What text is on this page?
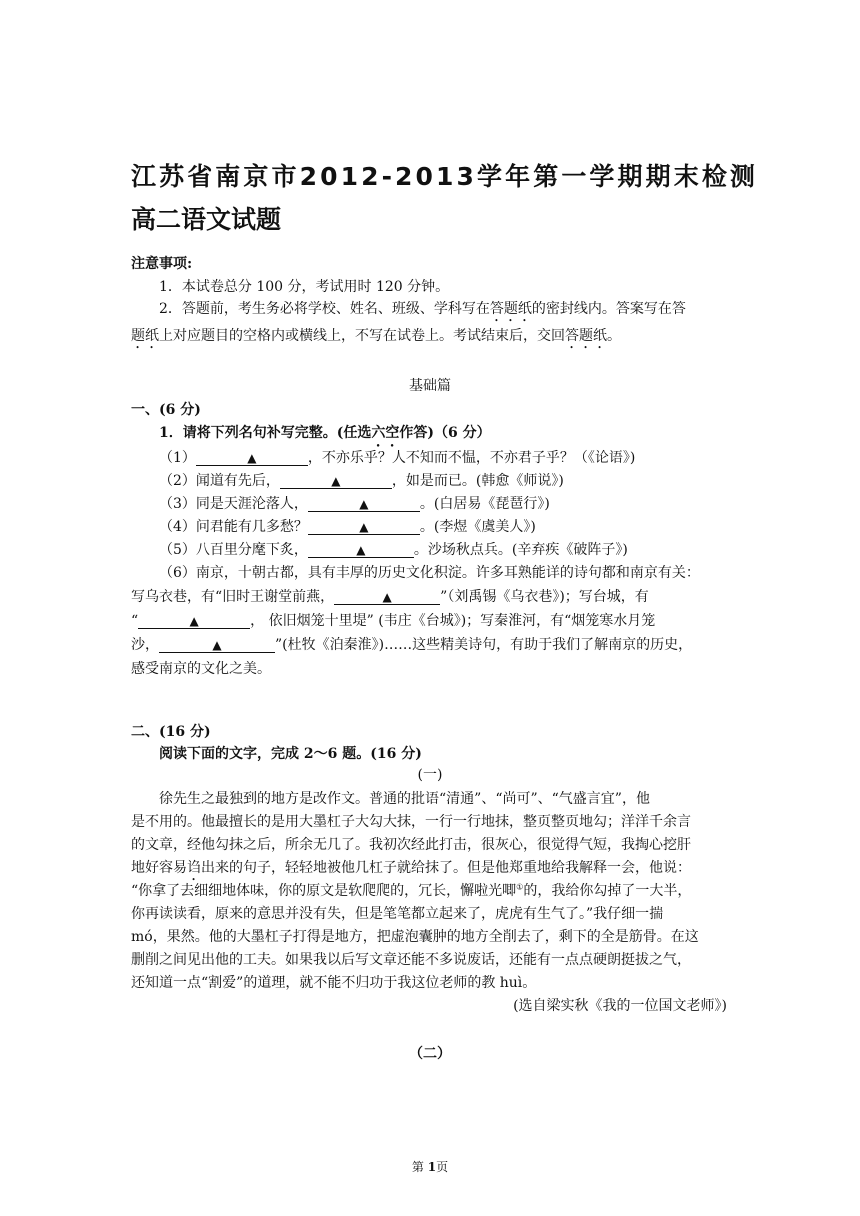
江苏省南京市2012-2013学年第一学期期末检测
高二语文试题
注意事项:
1．本试卷总分 100 分，考试用时 120 分钟。
2．答题前，考生务必将学校、姓名、班级、学科写在答题纸的密封线内。答案写在答
题纸上对应题目的空格内或横线上，不写在试卷上。考试结束后，交回答题纸。
基础篇
一、(6 分)
1．请将下列名句补写完整。(任选六空作答)（6 分）
（1）	▲	，不亦乐乎？人不知而不愠，不亦君子乎？（《论语》)
（2）闻道有先后，	▲	，如是而已。(韩愈《师说》)
（3）同是天涯沦落人，	▲	。(白居易《琵琶行》)
（4）问君能有几多愁？	▲	。(李煜《虞美人》)
（5）八百里分麾下炙，	▲	。沙场秋点兵。(辛弃疾《破阵子》)
（6）南京，十朝古都，具有丰厚的历史文化积淀。许多耳熟能详的诗句都和南京有关：
写乌衣巷，有“旧时王谢堂前燕，	▲	”（刘禹锡《乌衣巷》)；写台城，有
“	▲	， 依旧烟笼十里堤” (韦庄《台城》)；写秦淮河，有“烟笼寒水月笼
沙，	▲	”(杜牧《泊秦淮》)……这些精美诗句，有助于我们了解南京的历史，
感受南京的文化之美。
二、(16 分)
阅读下面的文字，完成 2～6 题。(16 分)
(一)
徐先生之最独到的地方是改作文。普通的批语“清通”、“尚可”、“气盛言宜”，他
是不用的。他最擅长的是用大墨杠子大勾大抹，一行一行地抹，整页整页地勾；洋洋千余言
的文章，经他勾抹之后，所余无几了。我初次经此打击，很灰心，很觉得气短，我掏心挖肝
地好容易诌出来的句子，轻轻地被他几杠子就给抹了。但是他郑重地给我解释一会，他说：
“你拿了去细细地体味，你的原文是软爬爬的，冗长，懈啦光唧①的，我给你勾掉了一大半，
你再读读看，原来的意思并没有失，但是笔笔都立起来了，虎虎有生气了。”我仔细一揣
mó，果然。他的大墨杠子打得是地方，把虚泡囊肿的地方全削去了，剩下的全是筋骨。在这
删削之间见出他的工夫。如果我以后写文章还能不多说废话，还能有一点点硬朗挺拔之气，
还知道一点“割爱”的道理，就不能不归功于我这位老师的教 huì。
(选自梁实秋《我的一位国文老师》)
（二）
第 1页
